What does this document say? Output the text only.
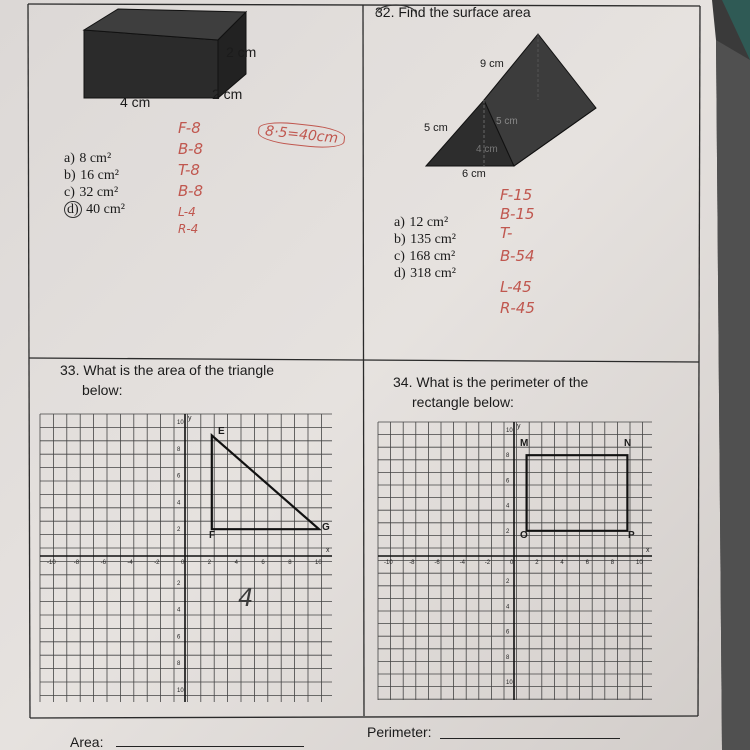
2 cm
2 cm
4 cm
a) 8 cm²
b) 16 cm²
c) 32 cm²
d) 40 cm²
F-8
B-8
T-8
B-8
L-4
R-4
8·5=40cm
32. Find the surface area
9 cm
5 cm
5 cm
4 cm
6 cm
a) 12 cm²
b) 135 cm²
c) 168 cm²
d) 318 cm²
F-15
B-15
T-
B-54
L-45
R-45
33. What is the area of the triangle
below:
-10	-8	-6	-4	-2	0	2	4	6	8	10
10
8
6
4
2
2
4
6
8
10
x
y
E
F
G
4
Area:
34. What is the perimeter of the
rectangle below:
-10	-8	-6	-4	-2	0	2	4	6	8	10
10
8
6
4
2
2
4
6
8
10
x
y
M	N
O	P
Perimeter:
